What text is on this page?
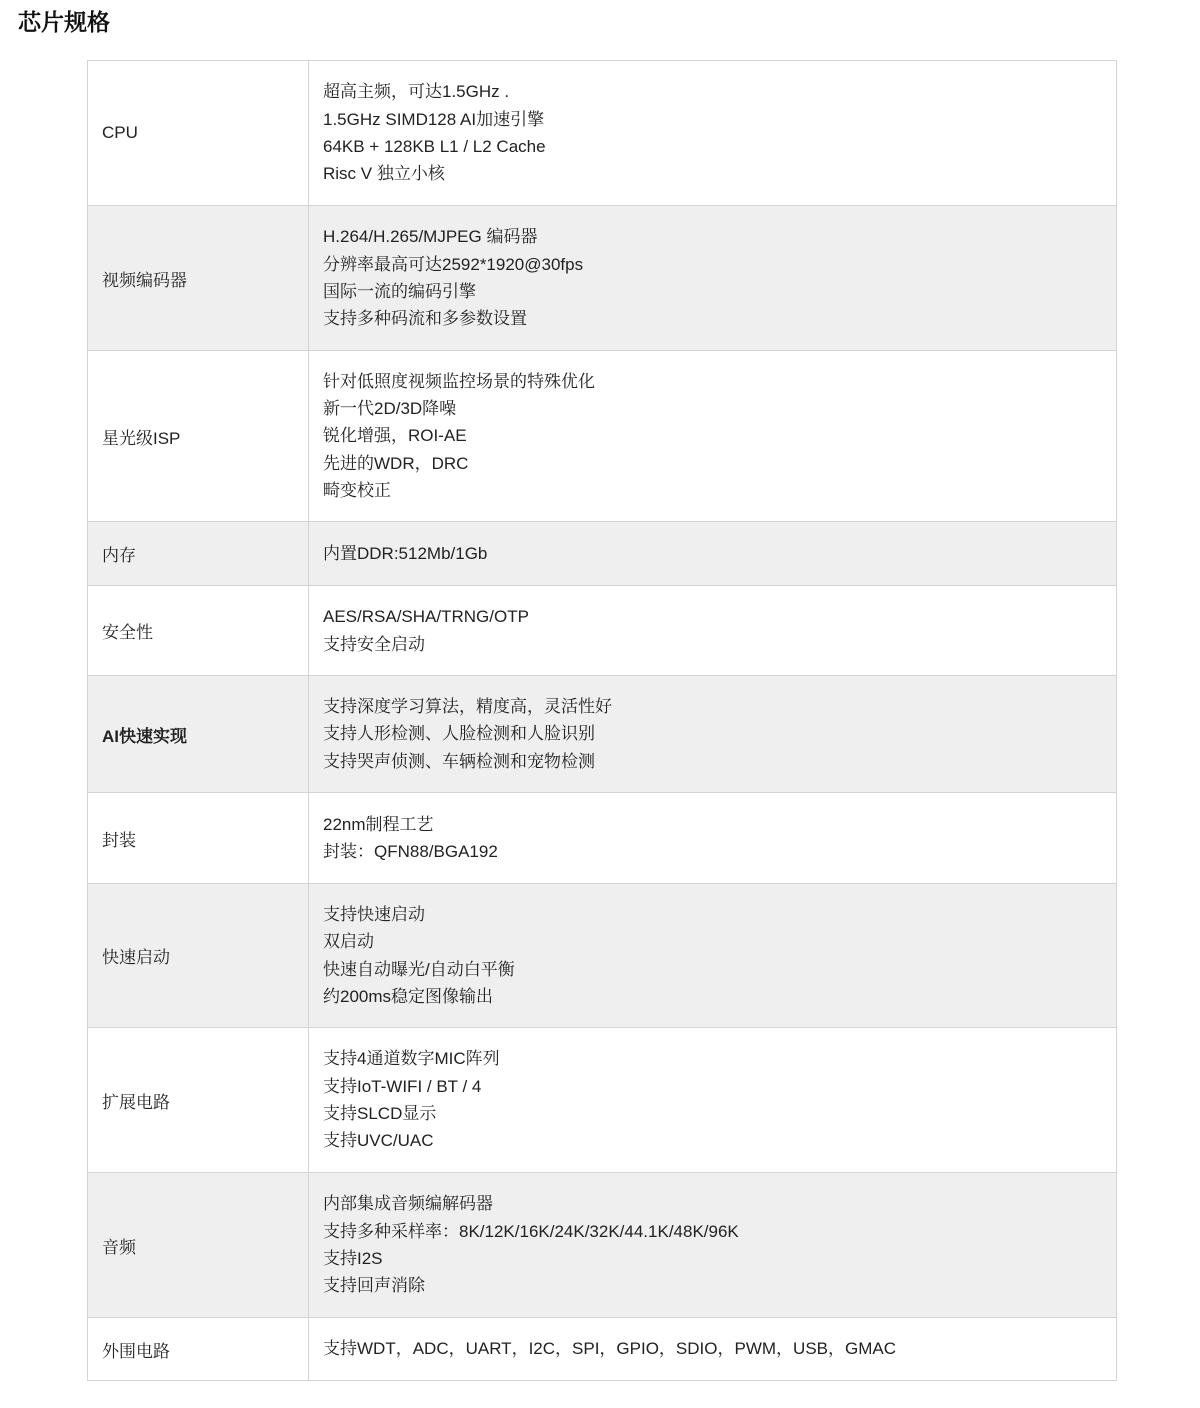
芯片规格
CPU	超高主频，可达1.5GHz .
1.5GHz SIMD128 AI加速引擎
64KB + 128KB L1 / L2 Cache
Risc V 独立小核

视频编码器	H.264/H.265/MJPEG 编码器
分辨率最高可达2592*1920@30fps
国际一流的编码引擎
支持多种码流和多参数设置

星光级ISP	针对低照度视频监控场景的特殊优化
新一代2D/3D降噪
锐化增强，ROI-AE
先进的WDR，DRC
畸变校正

内存	内置DDR:512Mb/1Gb

安全性	AES/RSA/SHA/TRNG/OTP
支持安全启动

AI快速实现	支持深度学习算法，精度高，灵活性好
支持人形检测、人脸检测和人脸识别
支持哭声侦测、车辆检测和宠物检测

封装	22nm制程工艺
封装：QFN88/BGA192

快速启动	支持快速启动
双启动
快速自动曝光/自动白平衡
约200ms稳定图像输出

扩展电路	支持4通道数字MIC阵列
支持IoT-WIFI / BT / 4
支持SLCD显示
支持UVC/UAC

音频	内部集成音频编解码器
支持多种采样率：8K/12K/16K/24K/32K/44.1K/48K/96K
支持I2S
支持回声消除

外围电路	支持WDT，ADC，UART，I2C，SPI，GPIO，SDIO，PWM，USB，GMAC
